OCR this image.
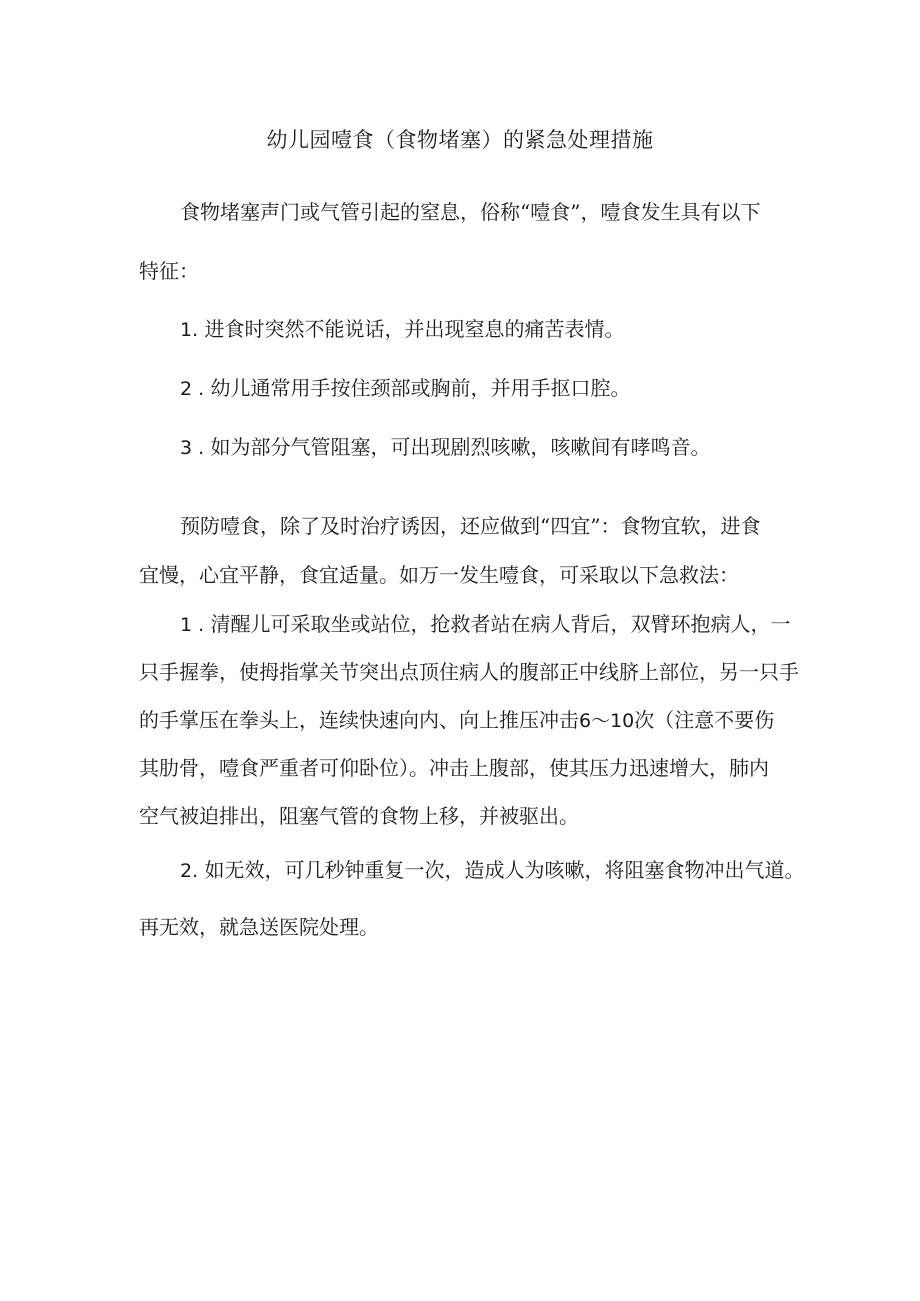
幼儿园噎食（食物堵塞）的紧急处理措施
食物堵塞声门或气管引起的窒息，俗称“噎食”，噎食发生具有以下
特征：
1. 进食时突然不能说话，并出现窒息的痛苦表情。
2 . 幼儿通常用手按住颈部或胸前，并用手抠口腔。
3 . 如为部分气管阻塞，可出现剧烈咳嗽，咳嗽间有哮鸣音。
预防噎食，除了及时治疗诱因，还应做到“四宜”：食物宜软，进食
宜慢，心宜平静，食宜适量。如万一发生噎食，可采取以下急救法：
1 . 清醒儿可采取坐或站位，抢救者站在病人背后，双臂环抱病人，一
只手握拳，使拇指掌关节突出点顶住病人的腹部正中线脐上部位，另一只手
的手掌压在拳头上，连续快速向内、向上推压冲击6～10次（注意不要伤
其肋骨，噎食严重者可仰卧位）。冲击上腹部，使其压力迅速增大，肺内
空气被迫排出，阻塞气管的食物上移，并被驱出。
2. 如无效，可几秒钟重复一次，造成人为咳嗽，将阻塞食物冲出气道。
再无效，就急送医院处理。
